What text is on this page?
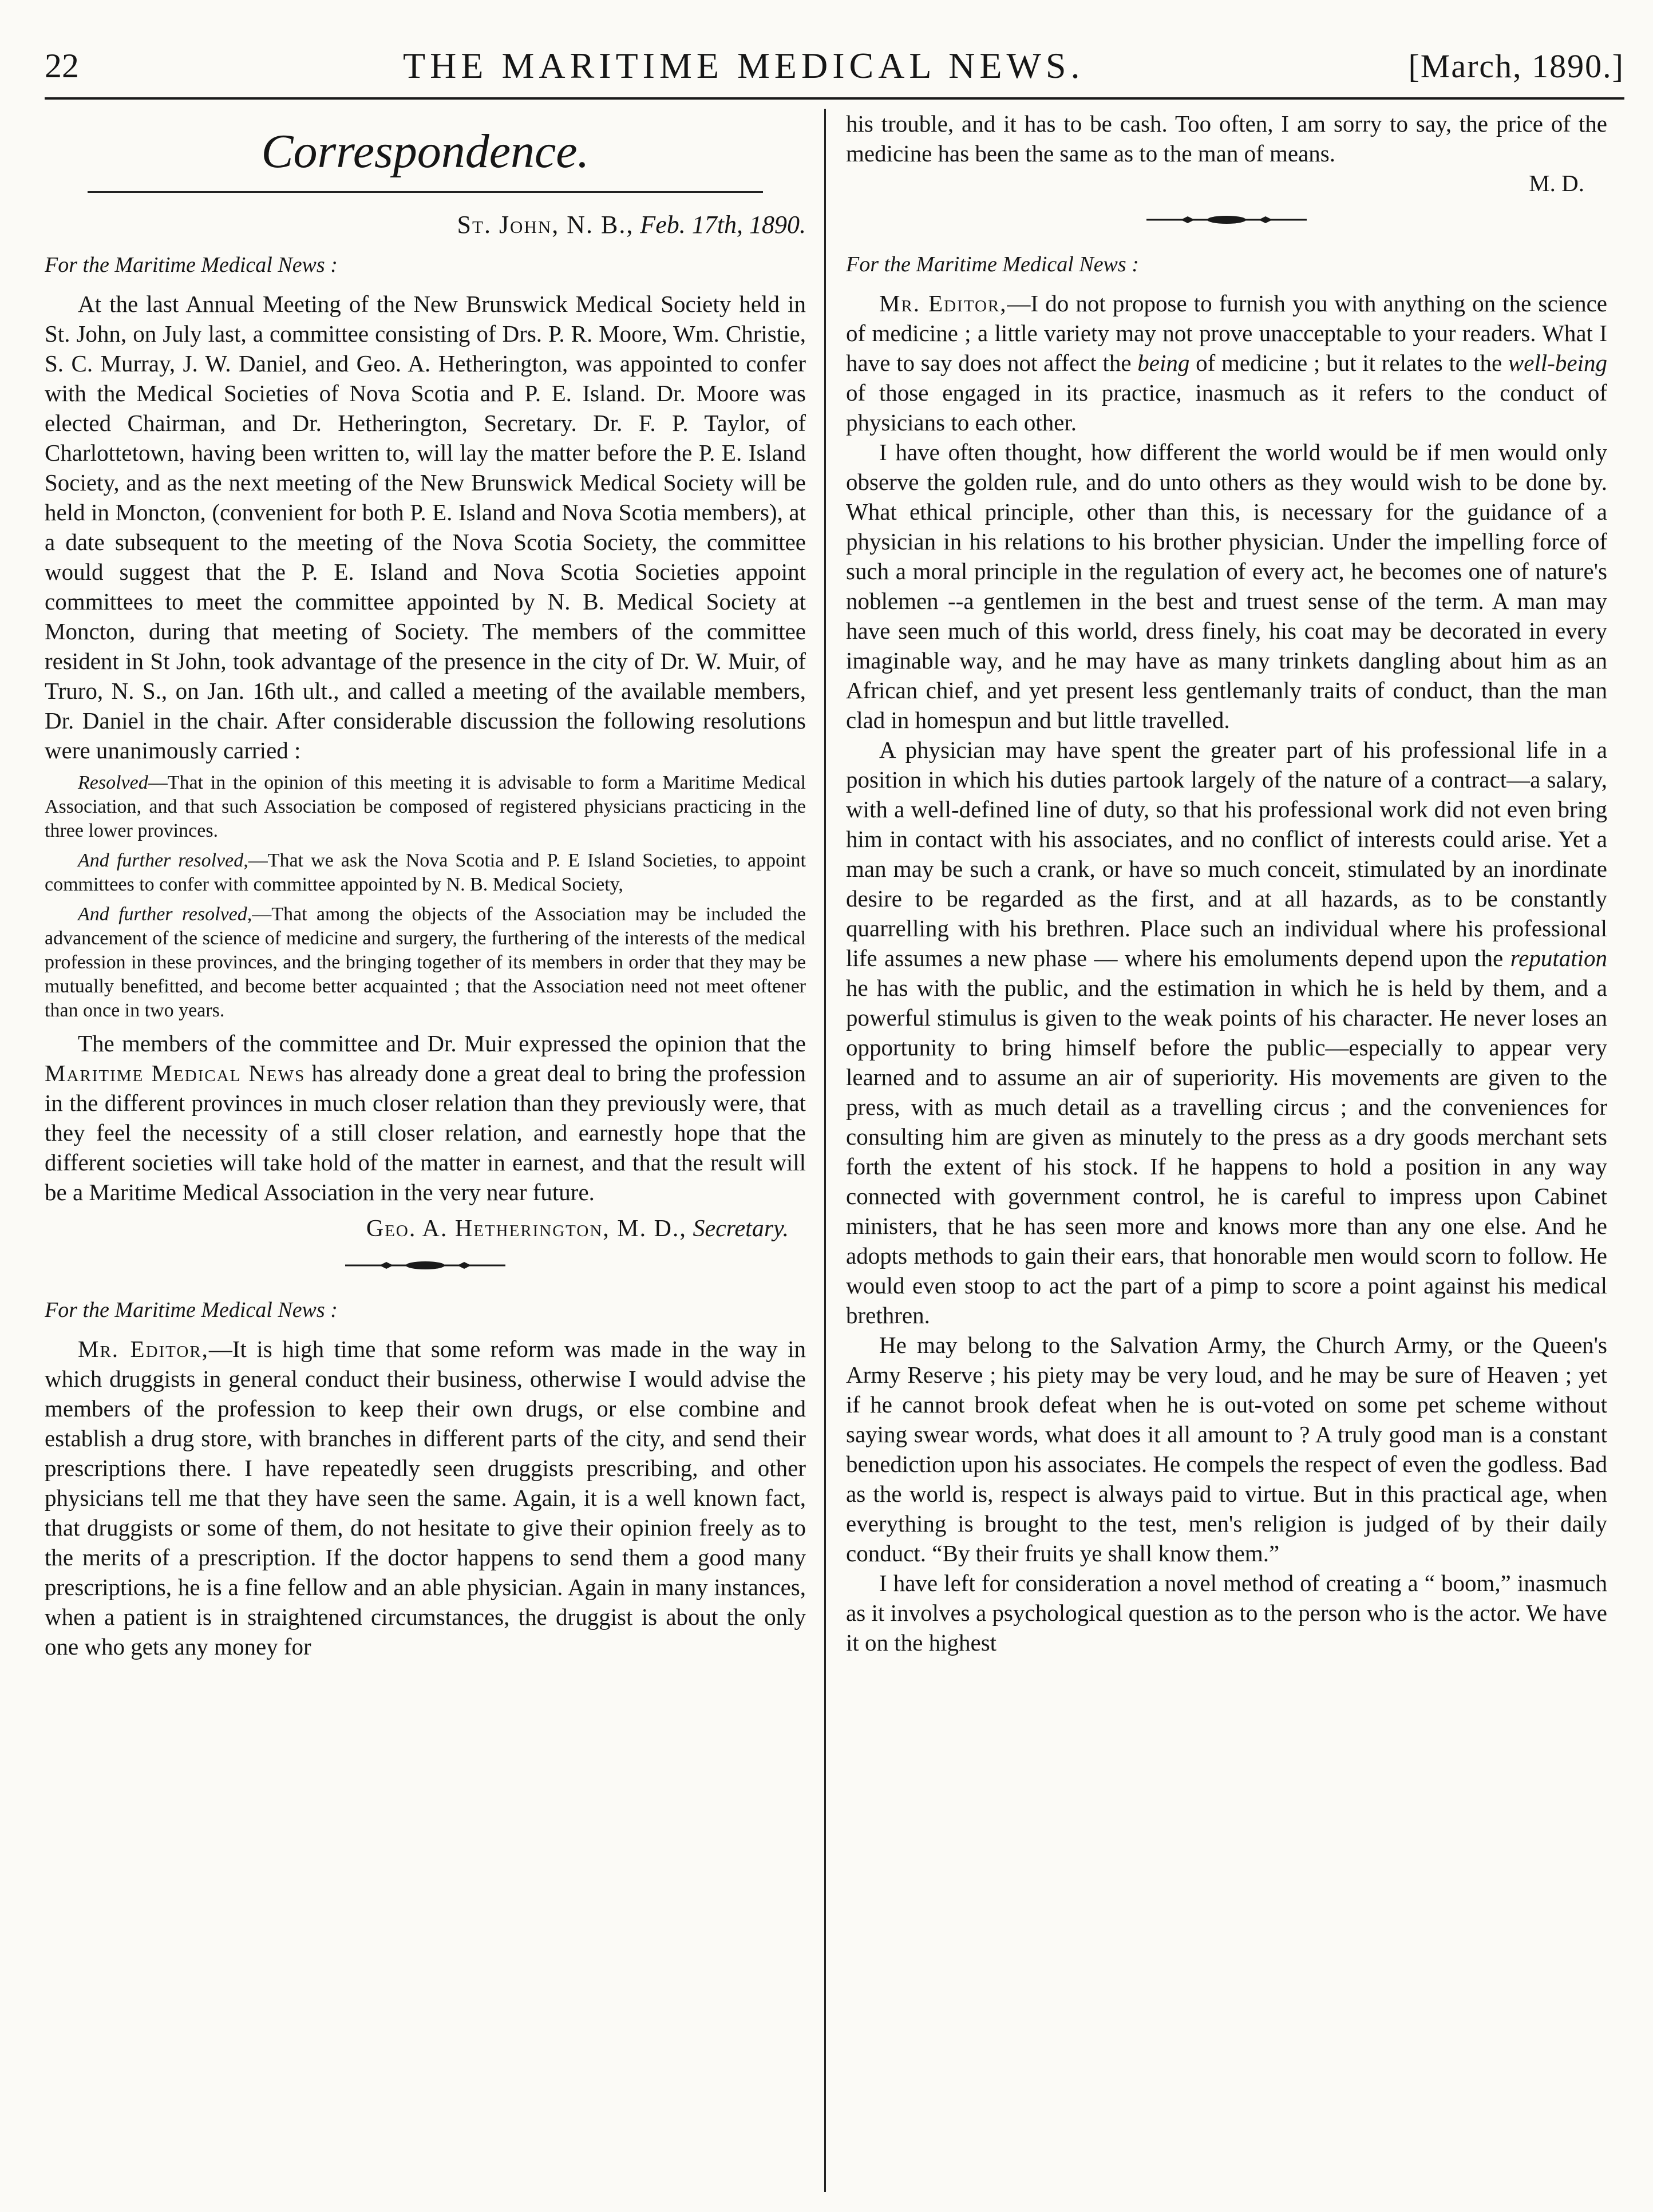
22	THE MARITIME MEDICAL NEWS.	[March, 1890.]
Correspondence.
St. John, N. B., Feb. 17th, 1890.
For the Maritime Medical News :

At the last Annual Meeting of the New Brunswick Medical Society held in St. John, on July last, a committee consisting of Drs. P. R. Moore, Wm. Christie, S. C. Murray, J. W. Daniel, and Geo. A. Hetherington, was appointed to confer with the Medical Societies of Nova Scotia and P. E. Island. Dr. Moore was elected Chairman, and Dr. Hetherington, Secretary. Dr. F. P. Taylor, of Charlottetown, having been written to, will lay the matter before the P. E. Island Society, and as the next meeting of the New Brunswick Medical Society will be held in Moncton, (convenient for both P. E. Island and Nova Scotia members), at a date subsequent to the meeting of the Nova Scotia Society, the committee would suggest that the P. E. Island and Nova Scotia Societies appoint committees to meet the committee appointed by N. B. Medical Society at Moncton, during that meeting of Society. The members of the committee resident in St John, took advantage of the presence in the city of Dr. W. Muir, of Truro, N. S., on Jan. 16th ult., and called a meeting of the available members, Dr. Daniel in the chair. After considerable discussion the following resolutions were unanimously carried :

Resolved—That in the opinion of this meeting it is advisable to form a Maritime Medical Association, and that such Association be composed of registered physicians practicing in the three lower provinces.

And further resolved,—That we ask the Nova Scotia and P. E Island Societies, to appoint committees to confer with committee appointed by N. B. Medical Society,

And further resolved,—That among the objects of the Association may be included the advancement of the science of medicine and surgery, the furthering of the interests of the medical profession in these provinces, and the bringing together of its members in order that they may be mutually benefitted, and become better acquainted ; that the Association need not meet oftener than once in two years.

The members of the committee and Dr. Muir expressed the opinion that the Maritime Medical News has already done a great deal to bring the profession in the different provinces in much closer relation than they previously were, that they feel the necessity of a still closer relation, and earnestly hope that the different societies will take hold of the matter in earnest, and that the result will be a Maritime Medical Association in the very near future.

Geo. A. Hetherington, M. D., Secretary.

For the Maritime Medical News :

Mr. Editor,—It is high time that some reform was made in the way in which druggists in general conduct their business, otherwise I would advise the members of the profession to keep their own drugs, or else combine and establish a drug store, with branches in different parts of the city, and send their prescriptions there. I have repeatedly seen druggists prescribing, and other physicians tell me that they have seen the same. Again, it is a well known fact, that druggists or some of them, do not hesitate to give their opinion freely as to the merits of a prescription. If the doctor happens to send them a good many prescriptions, he is a fine fellow and an able physician. Again in many instances, when a patient is in straightened circumstances, the druggist is about the only one who gets any money for

his trouble, and it has to be cash. Too often, I am sorry to say, the price of the medicine has been the same as to the man of means.

M. D.

For the Maritime Medical News :

Mr. Editor,—I do not propose to furnish you with anything on the science of medicine ; a little variety may not prove unacceptable to your readers. What I have to say does not affect the being of medicine ; but it relates to the well-being of those engaged in its practice, inasmuch as it refers to the conduct of physicians to each other.

I have often thought, how different the world would be if men would only observe the golden rule, and do unto others as they would wish to be done by. What ethical principle, other than this, is necessary for the guidance of a physician in his relations to his brother physician. Under the impelling force of such a moral principle in the regulation of every act, he becomes one of nature's noblemen --a gentlemen in the best and truest sense of the term. A man may have seen much of this world, dress finely, his coat may be decorated in every imaginable way, and he may have as many trinkets dangling about him as an African chief, and yet present less gentlemanly traits of conduct, than the man clad in homespun and but little travelled.

A physician may have spent the greater part of his professional life in a position in which his duties partook largely of the nature of a contract—a salary, with a well-defined line of duty, so that his professional work did not even bring him in contact with his associates, and no conflict of interests could arise. Yet a man may be such a crank, or have so much conceit, stimulated by an inordinate desire to be regarded as the first, and at all hazards, as to be constantly quarrelling with his brethren. Place such an individual where his professional life assumes a new phase — where his emoluments depend upon the reputation he has with the public, and the estimation in which he is held by them, and a powerful stimulus is given to the weak points of his character. He never loses an opportunity to bring himself before the public—especially to appear very learned and to assume an air of superiority. His movements are given to the press, with as much detail as a travelling circus ; and the conveniences for consulting him are given as minutely to the press as a dry goods merchant sets forth the extent of his stock. If he happens to hold a position in any way connected with government control, he is careful to impress upon Cabinet ministers, that he has seen more and knows more than any one else. And he adopts methods to gain their ears, that honorable men would scorn to follow. He would even stoop to act the part of a pimp to score a point against his medical brethren.

He may belong to the Salvation Army, the Church Army, or the Queen's Army Reserve ; his piety may be very loud, and he may be sure of Heaven ; yet if he cannot brook defeat when he is out-voted on some pet scheme without saying swear words, what does it all amount to ? A truly good man is a constant benediction upon his associates. He compels the respect of even the godless. Bad as the world is, respect is always paid to virtue. But in this practical age, when everything is brought to the test, men's religion is judged of by their daily conduct. “By their fruits ye shall know them.”

I have left for consideration a novel method of creating a “ boom,” inasmuch as it involves a psychological question as to the person who is the actor. We have it on the highest
